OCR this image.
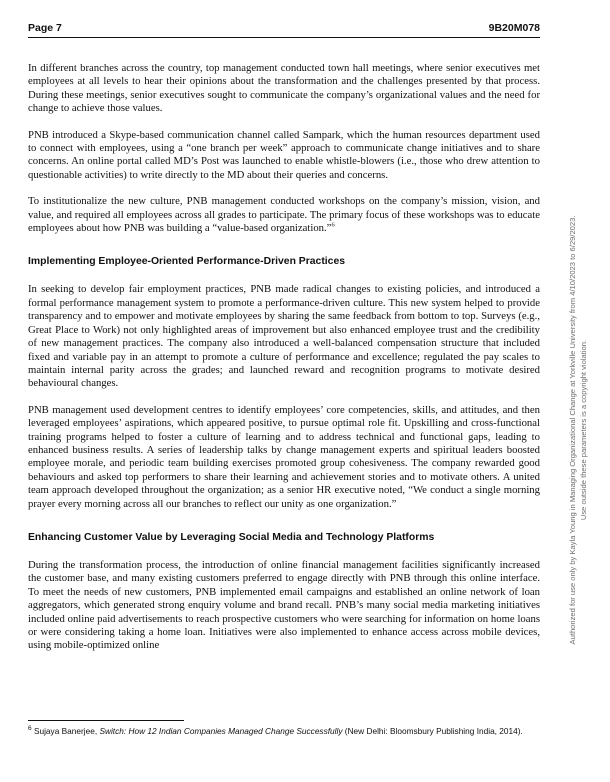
Page 7	9B20M078

In different branches across the country, top management conducted town hall meetings, where senior executives met employees at all levels to hear their opinions about the transformation and the challenges presented by that process. During these meetings, senior executives sought to communicate the company’s organizational values and the need for change to achieve those values.

PNB introduced a Skype-based communication channel called Sampark, which the human resources department used to connect with employees, using a “one branch per week” approach to communicate change initiatives and to share concerns. An online portal called MD’s Post was launched to enable whistle-blowers (i.e., those who drew attention to questionable activities) to write directly to the MD about their queries and concerns.

To institutionalize the new culture, PNB management conducted workshops on the company’s mission, vision, and value, and required all employees across all grades to participate. The primary focus of these workshops was to educate employees about how PNB was building a “value-based organization.”$^6$

Implementing Employee-Oriented Performance-Driven Practices

In seeking to develop fair employment practices, PNB made radical changes to existing policies, and introduced a formal performance management system to promote a performance-driven culture. This new system helped to provide transparency and to empower and motivate employees by sharing the same feedback from bottom to top. Surveys (e.g., Great Place to Work) not only highlighted areas of improvement but also enhanced employee trust and the credibility of new management practices. The company also introduced a well-balanced compensation structure that included fixed and variable pay in an attempt to promote a culture of performance and excellence; regulated the pay scales to maintain internal parity across the grades; and launched reward and recognition programs to motivate desired behavioural changes.

PNB management used development centres to identify employees’ core competencies, skills, and attitudes, and then leveraged employees’ aspirations, which appeared positive, to pursue optimal role fit. Upskilling and cross-functional training programs helped to foster a culture of learning and to address technical and functional gaps, leading to enhanced business results. A series of leadership talks by change management experts and spiritual leaders boosted employee morale, and periodic team building exercises promoted group cohesiveness. The company rewarded good behaviours and asked top performers to share their learning and achievement stories and to motivate others. A united team approach developed throughout the organization; as a senior HR executive noted, “We conduct a single morning prayer every morning across all our branches to reflect our unity as one organization.”

Enhancing Customer Value by Leveraging Social Media and Technology Platforms

During the transformation process, the introduction of online financial management facilities significantly increased the customer base, and many existing customers preferred to engage directly with PNB through this online interface. To meet the needs of new customers, PNB implemented email campaigns and established an online network of loan aggregators, which generated strong enquiry volume and brand recall. PNB’s many social media marketing initiatives included online paid advertisements to reach prospective customers who were searching for information on home loans or were considering taking a home loan. Initiatives were also implemented to enhance access across mobile devices, using mobile-optimized online

$^6$ Sujaya Banerjee, Switch: How 12 Indian Companies Managed Change Successfully (New Delhi: Bloomsbury Publishing India, 2014).
Authorized for use only by Kayla Young in Managing Organizational Change at Yorkville University from 4/10/2023 to 6/29/2023. Use outside these parameters is a copyright violation.
